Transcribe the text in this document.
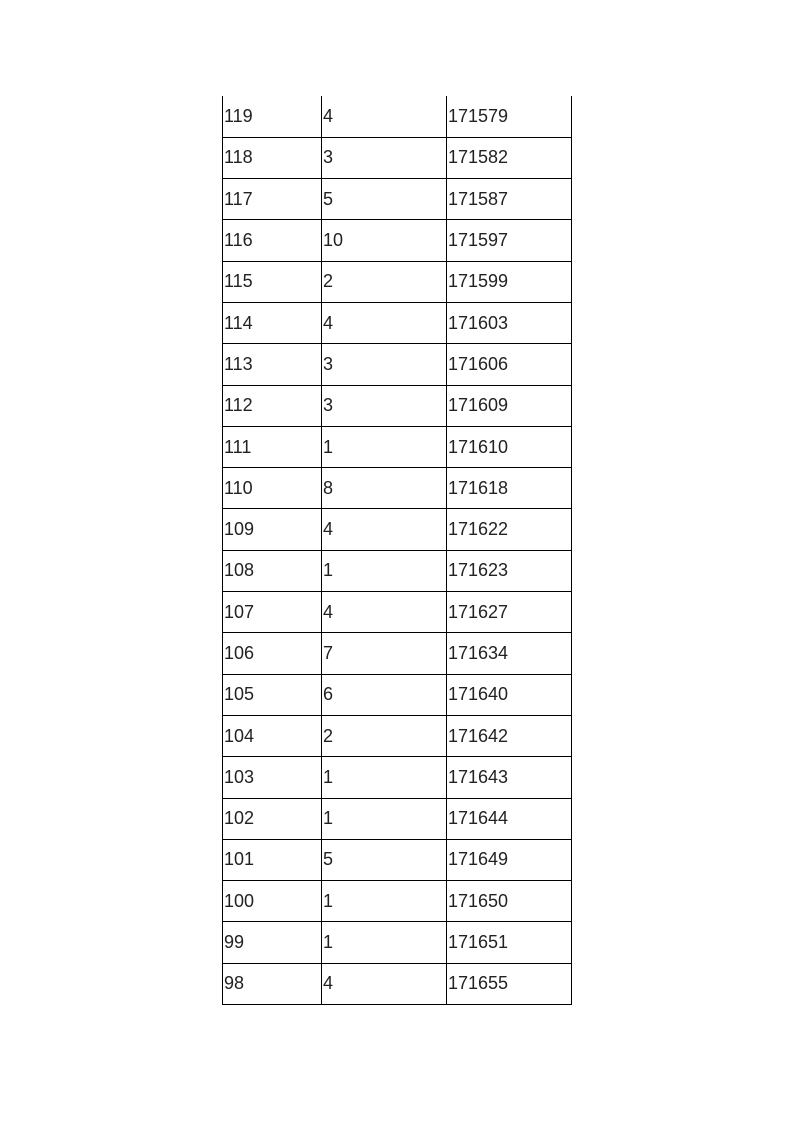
119	4	171579
118	3	171582
117	5	171587
116	10	171597
115	2	171599
114	4	171603
113	3	171606
112	3	171609
111	1	171610
110	8	171618
109	4	171622
108	1	171623
107	4	171627
106	7	171634
105	6	171640
104	2	171642
103	1	171643
102	1	171644
101	5	171649
100	1	171650
99	1	171651
98	4	171655
